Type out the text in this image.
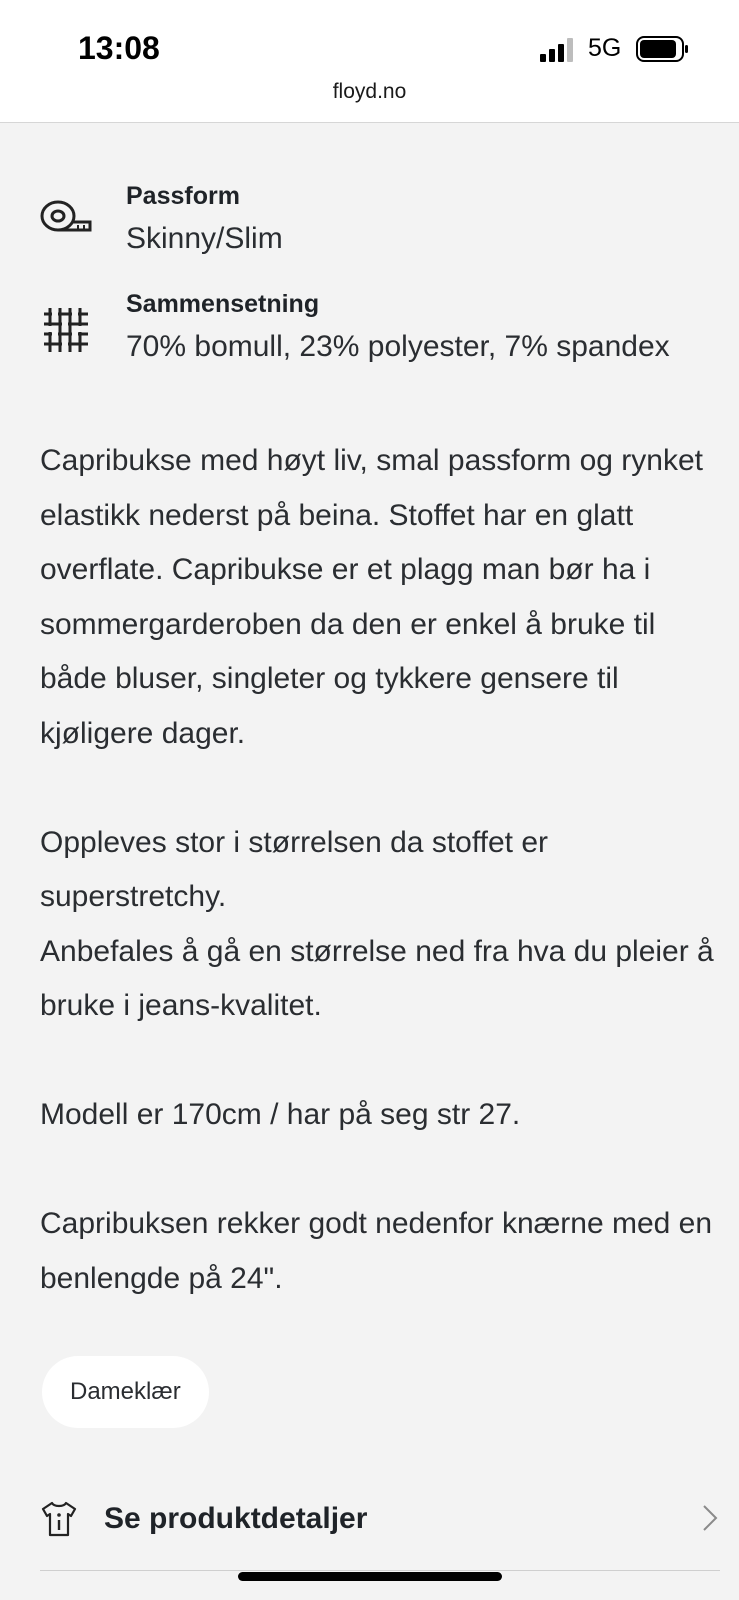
13:08	5G
floyd.no
Passform
Skinny/Slim
Sammensetning
70% bomull, 23% polyester, 7% spandex

Capribukse med høyt liv, smal passform og rynket elastikk nederst på beina. Stoffet har en glatt overflate. Capribukse er et plagg man bør ha i sommergarderoben da den er enkel å bruke til både bluser, singleter og tykkere gensere til kjøligere dager.

Oppleves stor i størrelsen da stoffet er superstretchy.

Anbefales å gå en størrelse ned fra hva du pleier å bruke i jeans-kvalitet.

Modell er 170cm / har på seg str 27.

Capribuksen rekker godt nedenfor knærne med en benlengde på 24".

Dameklær
Se produktdetaljer
